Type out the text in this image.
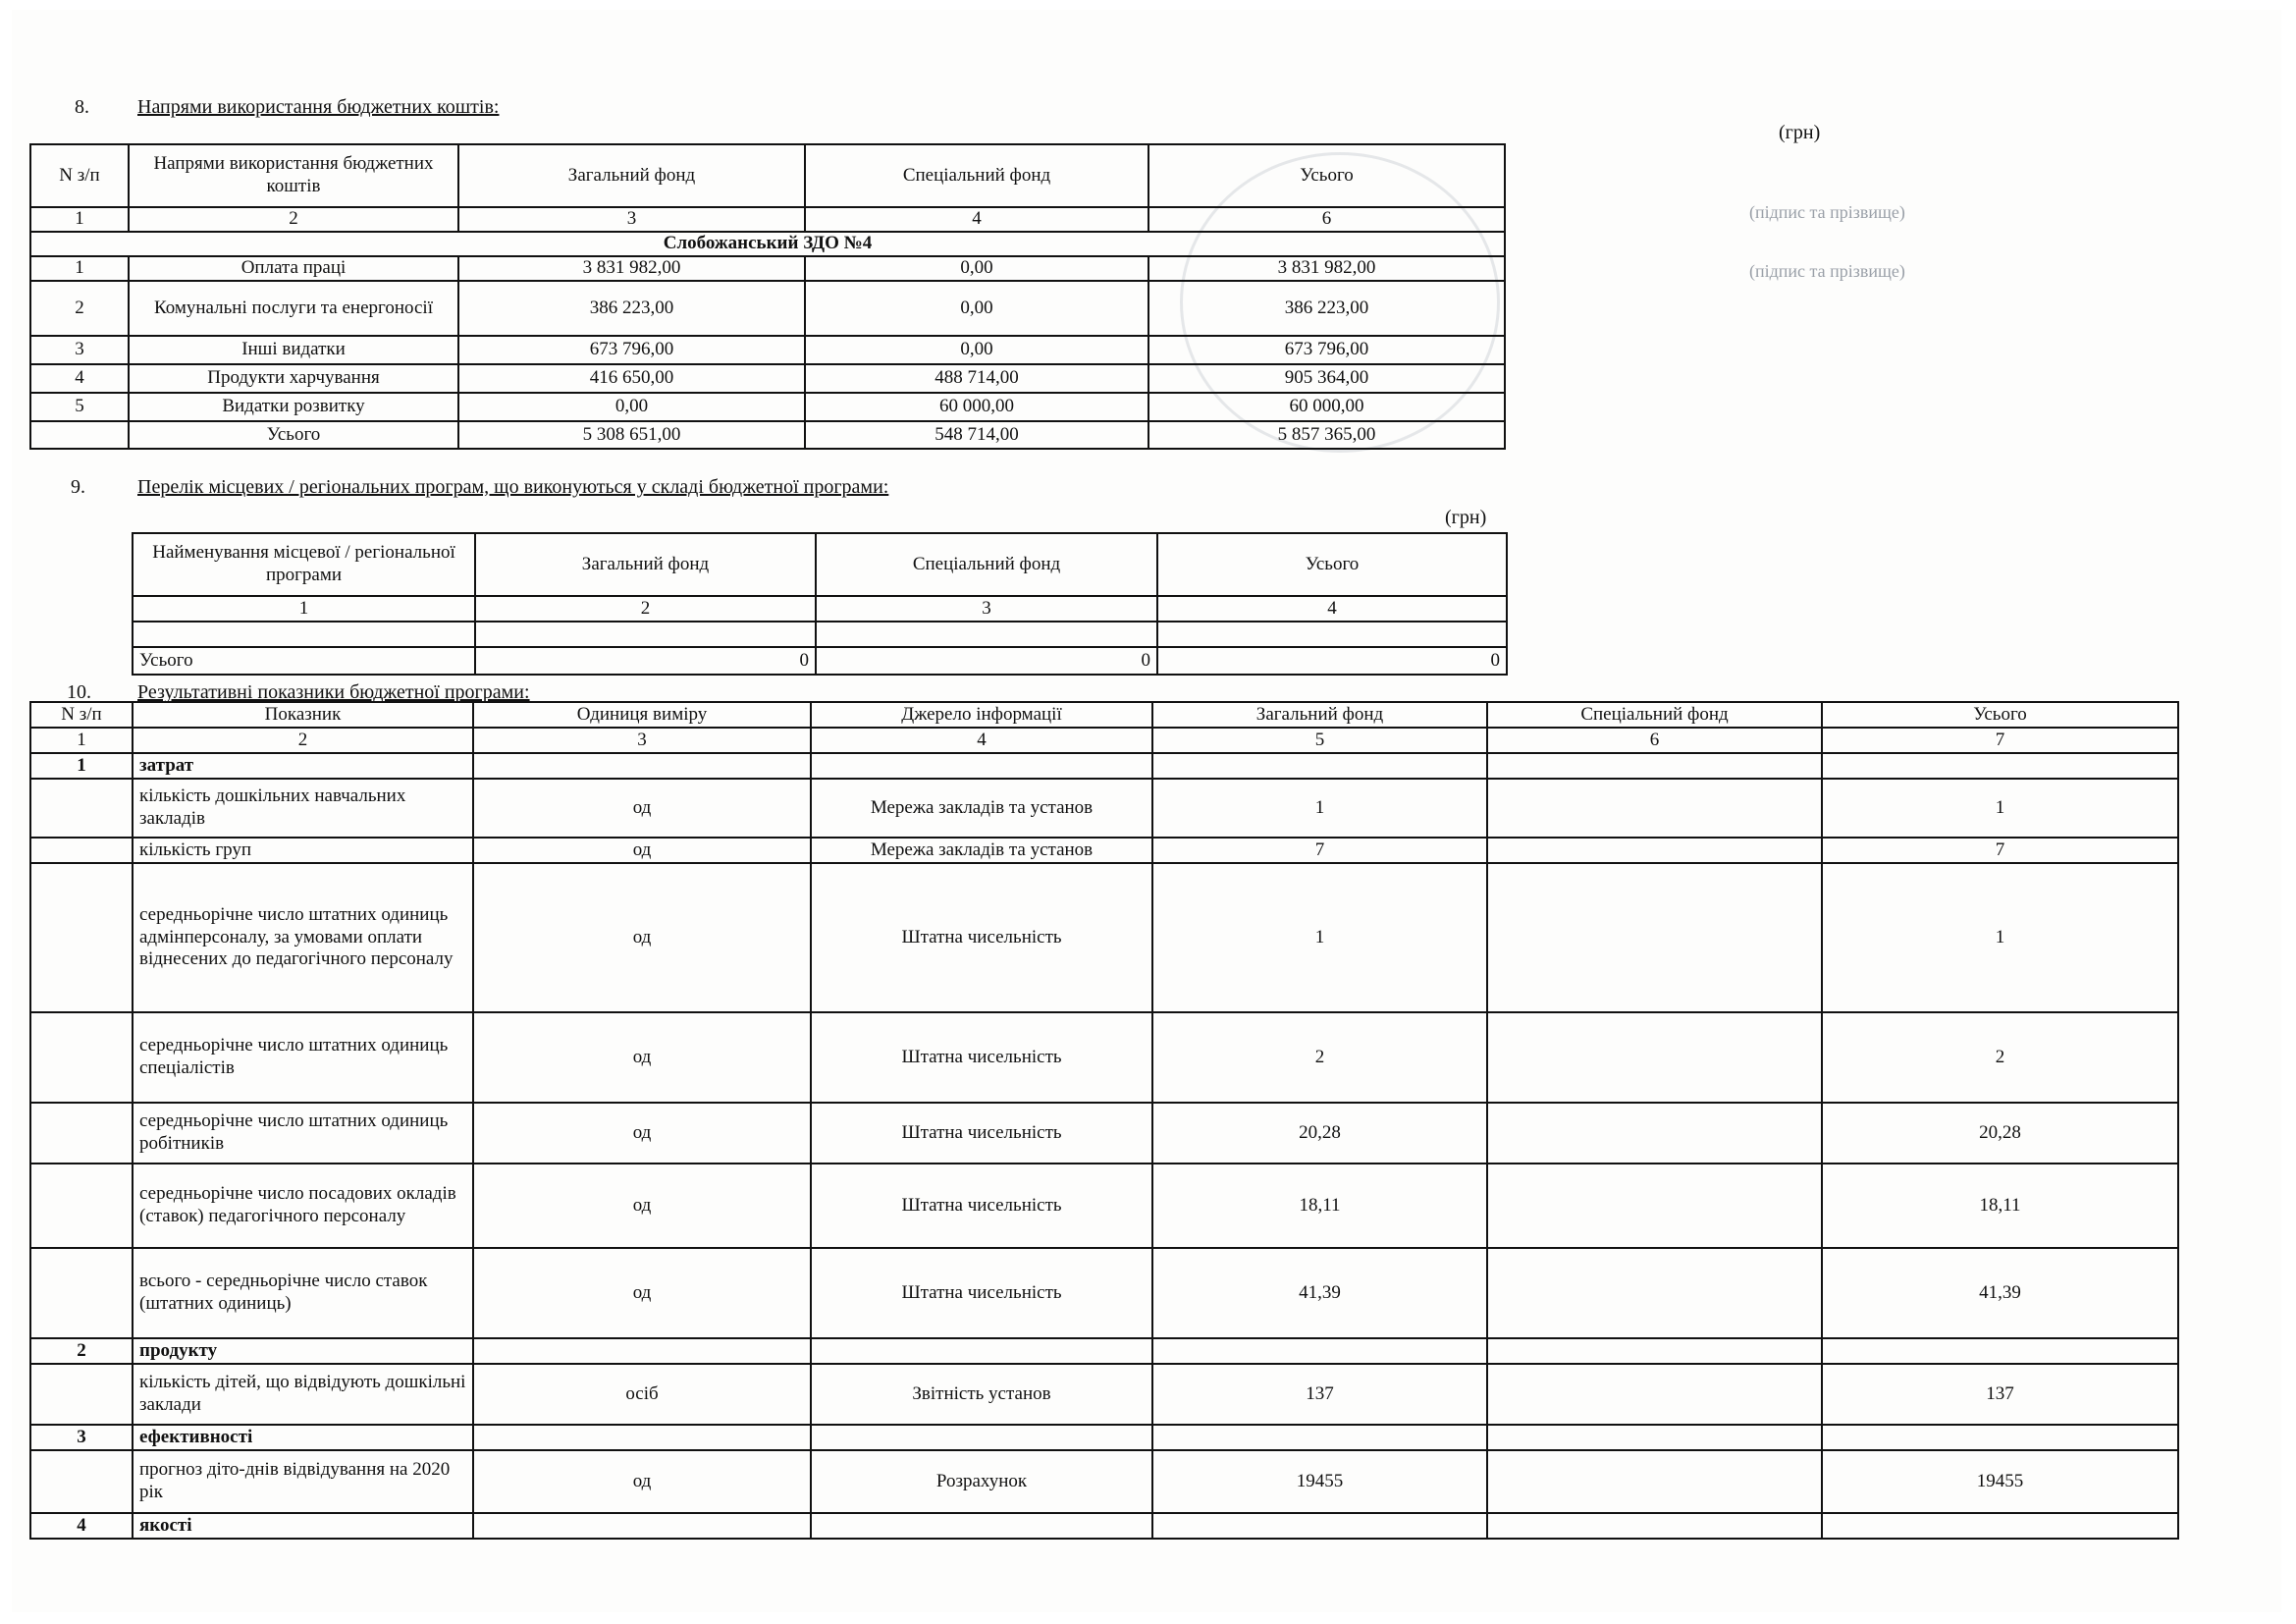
(підпис та прізвище)
(підпис та прізвище)
8. Напрями використання бюджетних коштів:
(грн)
N з/п	Напрями використання бюджетних коштів	Загальний фонд	Спеціальний фонд	Усього
1	2	3	4	6
Слобожанський ЗДО №4				
1	Оплата праці	3 831 982,00	0,00	3 831 982,00
2	Комунальні послуги та енергоносії	386 223,00	0,00	386 223,00
3	Інші видатки	673 796,00	0,00	673 796,00
4	Продукти харчування	416 650,00	488 714,00	905 364,00
5	Видатки розвитку	0,00	60 000,00	60 000,00
	Усього	5 308 651,00	548 714,00	5 857 365,00
9.	Перелік місцевих / регіональних програм, що виконуються у складі бюджетної програми:
(грн)
Найменування місцевої / регіональної програми	Загальний фонд	Спеціальний фонд	Усього
1	2	3	4

Усього	0	0	0
10. Результативні показники бюджетної програми:
N з/п	Показник	Одиниця виміру	Джерело інформації	Загальний фонд	Спеціальний фонд	Усього
1	2	3	4	5	6	7
1	затрат					
	кількість дошкільних навчальних закладів	од	Мережа закладів та установ	1		1
	кількість груп	од	Мережа закладів та установ	7		7
	середньорічне число штатних одиниць адмінперсоналу, за умовами оплати віднесених до педагогічного персоналу	од	Штатна чисельність	1		1
	середньорічне число штатних одиниць спеціалістів	од	Штатна чисельність	2		2
	середньорічне число штатних одиниць робітників	од	Штатна чисельність	20,28		20,28
	середньорічне число посадових окладів (ставок) педагогічного персоналу	од	Штатна чисельність	18,11		18,11
	всього - середньорічне число ставок (штатних одиниць)	од	Штатна чисельність	41,39		41,39
2	продукту					
	кількість дітей, що відвідують дошкільні заклади	осіб	Звітність установ	137		137
3	ефективності					
	прогноз діто-днів відвідування на 2020 рік	од	Розрахунок	19455		19455
4	якості					
